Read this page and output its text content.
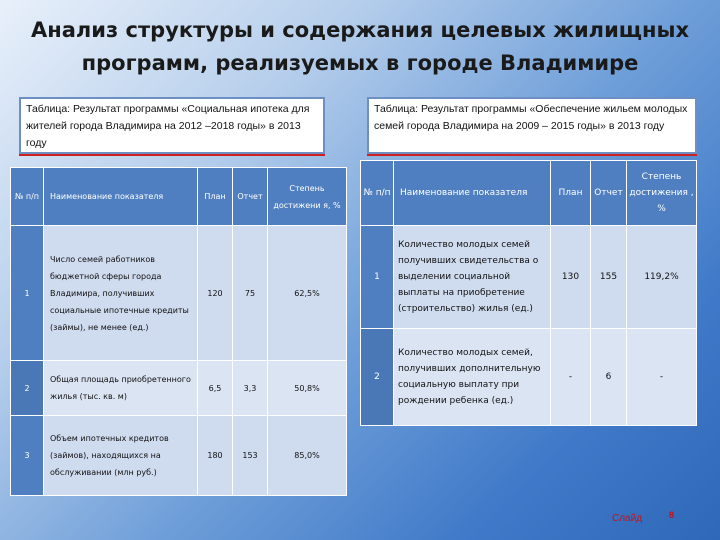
Анализ структуры и содержания целевых жилищных программ, реализуемых в городе Владимире
Таблица: Результат программы «Социальная ипотека для жителей города Владимира на 2012 –2018 годы» в 2013 году
Таблица: Результат программы «Обеспечение жильем молодых семей города Владимира на 2009 – 2015 годы» в 2013 году
№ п/п	Наименование показателя	План	Отчет	Степень достижени я, %
1	Число семей работников бюджетной сферы города Владимира, получивших социальные ипотечные кредиты (займы), не менее (ед.)	120	75	62,5%
2	Общая площадь приобретенного жилья (тыс. кв. м)	6,5	3,3	50,8%
3	Объем ипотечных кредитов (займов), находящихся на обслуживании (млн руб.)	180	153	85,0%
№ п/п	Наименование показателя	План	Отчет	Степень достижения , %
1	Количество молодых семей получивших свидетельства о выделении социальной выплаты на приобретение (строительство) жилья (ед.)	130	155	119,2%
2	Количество молодых семей, получивших дополнительную социальную выплату при рождении ребенка (ед.)	-	6	-
Слайд	8
